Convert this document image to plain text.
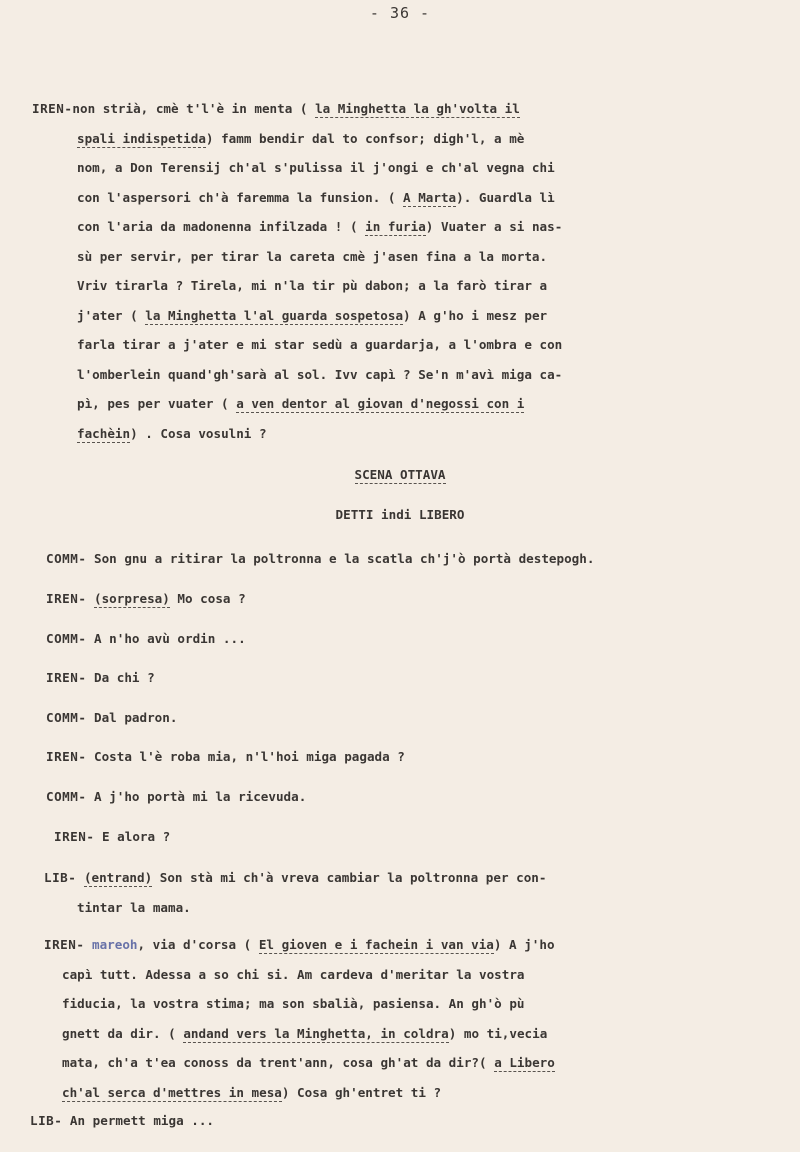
- 36 -
IREN-non strià, cmè t'l'è in menta ( la Minghetta la gh'volta il
spali indispetida) famm bendir dal to confsor; digh'l, a mè
nom, a Don Terensij ch'al s'pulissa il j'ongi e ch'al vegna chi
con l'aspersori ch'à faremma la funsion. ( A Marta). Guardla lì
con l'aria da madonenna infilzada ! ( in furia) Vuater a si nas-
sù per servir, per tirar la careta cmè j'asen fina a la morta.
Vriv tirarla ? Tirela, mi n'la tir pù dabon; a la farò tirar a
j'ater ( la Minghetta l'al guarda sospetosa) A g'ho i mesz per
farla tirar a j'ater e mi star sedù a guardarja, a l'ombra e con
l'omberlein quand'gh'sarà al sol. Ivv capì ? Se'n m'avì miga ca-
pì, pes per vuater ( a ven dentor al giovan d'negossi con i
fachèin) . Cosa vosulni ?
SCENA OTTAVA
DETTI indi LIBERO
COMM- Son gnu a ritirar la poltronna e la scatla ch'j'ò portà destepogh.
IREN- (sorpresa) Mo cosa ?
COMM- A n'ho avù ordin ...
IREN- Da chi ?
COMM- Dal padron.
IREN- Costa l'è roba mia, n'l'hoi miga pagada ?
COMM- A j'ho portà mi la ricevuda.
IREN- E alora ?
LIB- (entrand) Son stà mi ch'à vreva cambiar la poltronna per con-
tintar la mama.
IREN- mareoh, via d'corsa ( El gioven e i fachein i van via) A j'ho
capì tutt. Adessa a so chi si. Am cardeva d'meritar la vostra
fiducia, la vostra stima; ma son sbalià, pasiensa. An gh'ò pù
gnett da dir. ( andand vers la Minghetta, in coldra) mo ti,vecia
mata, ch'a t'ea conoss da trent'ann, cosa gh'at da dir?( a Libero
ch'al serca d'mettres in mesa) Cosa gh'entret ti ?
LIB- An permett miga ...
